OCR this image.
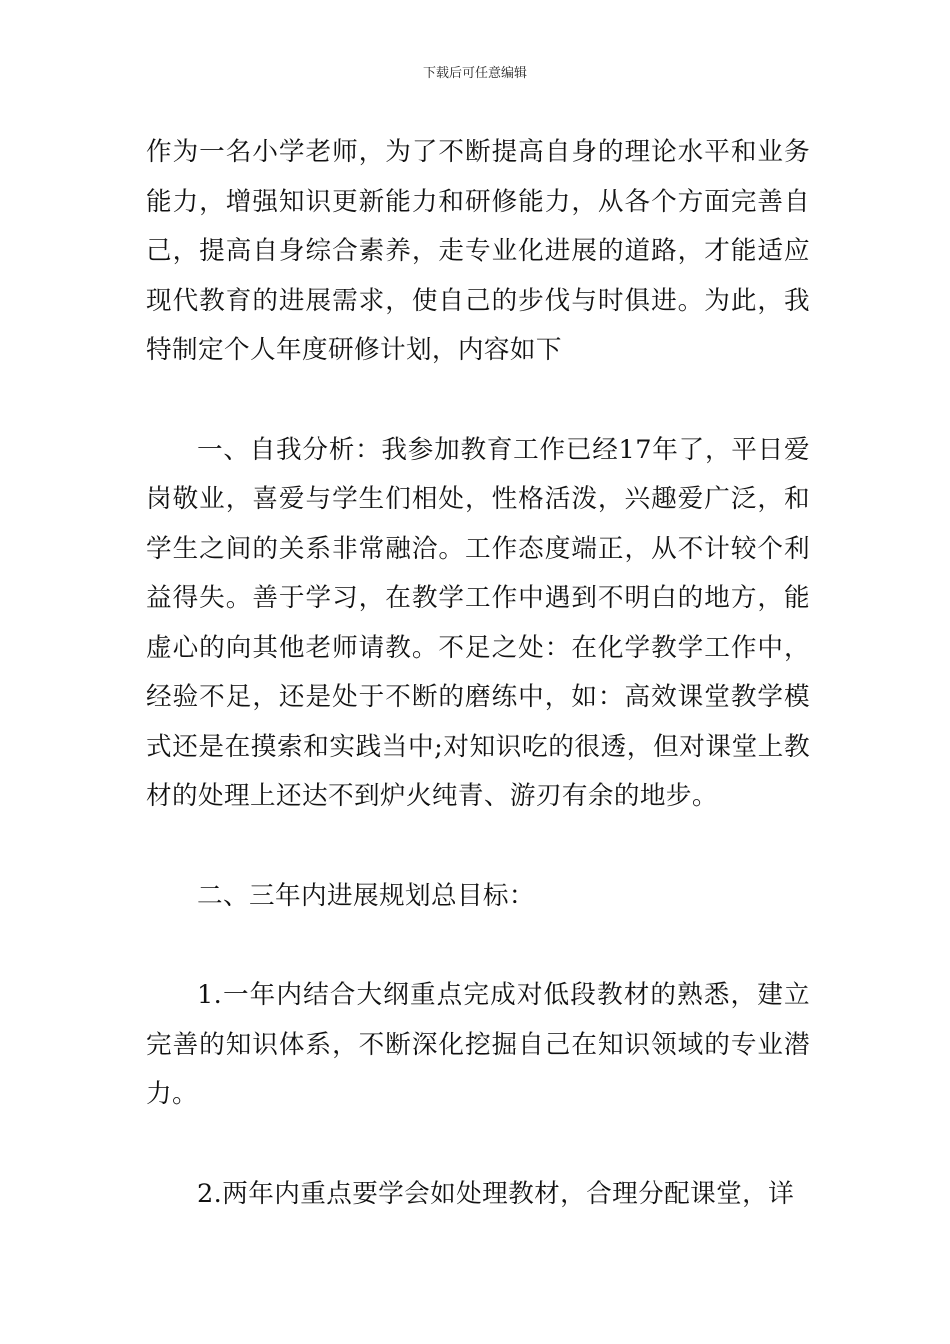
下载后可任意编辑

作为一名小学老师，为了不断提高自身的理论水平和业务能力，增强知识更新能力和研修能力，从各个方面完善自己，提高自身综合素养，走专业化进展的道路，才能适应现代教育的进展需求，使自己的步伐与时俱进。为此，我特制定个人年度研修计划，内容如下

一、自我分析：我参加教育工作已经17年了，平日爱岗敬业，喜爱与学生们相处，性格活泼，兴趣爱广泛，和学生之间的关系非常融洽。工作态度端正，从不计较个利益得失。善于学习，在教学工作中遇到不明白的地方，能虚心的向其他老师请教。不足之处：在化学教学工作中，经验不足，还是处于不断的磨练中，如：高效课堂教学模式还是在摸索和实践当中;对知识吃的很透，但对课堂上教材的处理上还达不到炉火纯青、游刃有余的地步。

二、三年内进展规划总目标：

1.一年内结合大纲重点完成对低段教材的熟悉，建立完善的知识体系，不断深化挖掘自己在知识领域的专业潜力。

2.两年内重点要学会如处理教材，合理分配课堂，详
